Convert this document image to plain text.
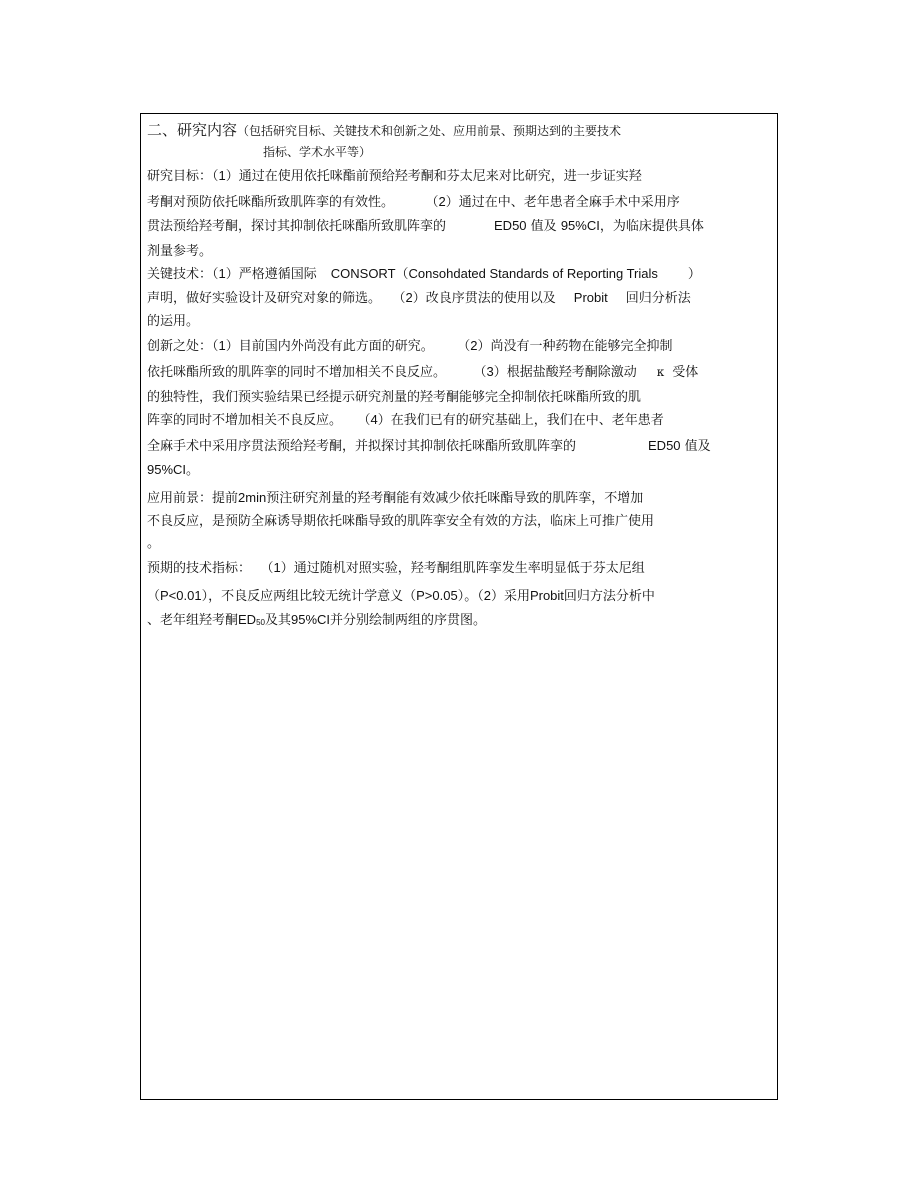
二、研究内容（包括研究目标、关键技术和创新之处、应用前景、预期达到的主要技术
指标、学术水平等）
研究目标：（1）通过在使用依托咪酯前预给羟考酮和芬太尼来对比研究，进一步证实羟
考酮对预防依托咪酯所致肌阵挛的有效性。	（2）通过在中、老年患者全麻手术中采用序
贯法预给羟考酮，探讨其抑制依托咪酯所致肌阵挛的	ED50 值及 95%CI，为临床提供具体
剂量参考。
关键技术：（1）严格遵循国际 CONSORT（Consohdated Standards of Reporting Trials ）
声明，做好实验设计及研究对象的筛选。 （2）改良序贯法的使用以及 Probit 回归分析法
的运用。
创新之处：（1）目前国内外尚没有此方面的研究。 （2）尚没有一种药物在能够完全抑制
依托咪酯所致的肌阵挛的同时不增加相关不良反应。	（3）根据盐酸羟考酮除激动 κ 受体
的独特性，我们预实验结果已经提示研究剂量的羟考酮能够完全抑制依托咪酯所致的肌
阵挛的同时不增加相关不良反应。 （4）在我们已有的研究基础上，我们在中、老年患者
全麻手术中采用序贯法预给羟考酮，并拟探讨其抑制依托咪酯所致肌阵挛的	ED50 值及
95%CI。
应用前景：提前2min预注研究剂量的羟考酮能有效减少依托咪酯导致的肌阵挛，不增加
不良反应，是预防全麻诱导期依托咪酯导致的肌阵挛安全有效的方法，临床上可推广使用
。
预期的技术指标： （1）通过随机对照实验，羟考酮组肌阵挛发生率明显低于芬太尼组
（P<0.01），不良反应两组比较无统计学意义（P>0.05）。（2）采用Probit回归方法分析中
、老年组羟考酮ED50及其95%CI并分别绘制两组的序贯图。
